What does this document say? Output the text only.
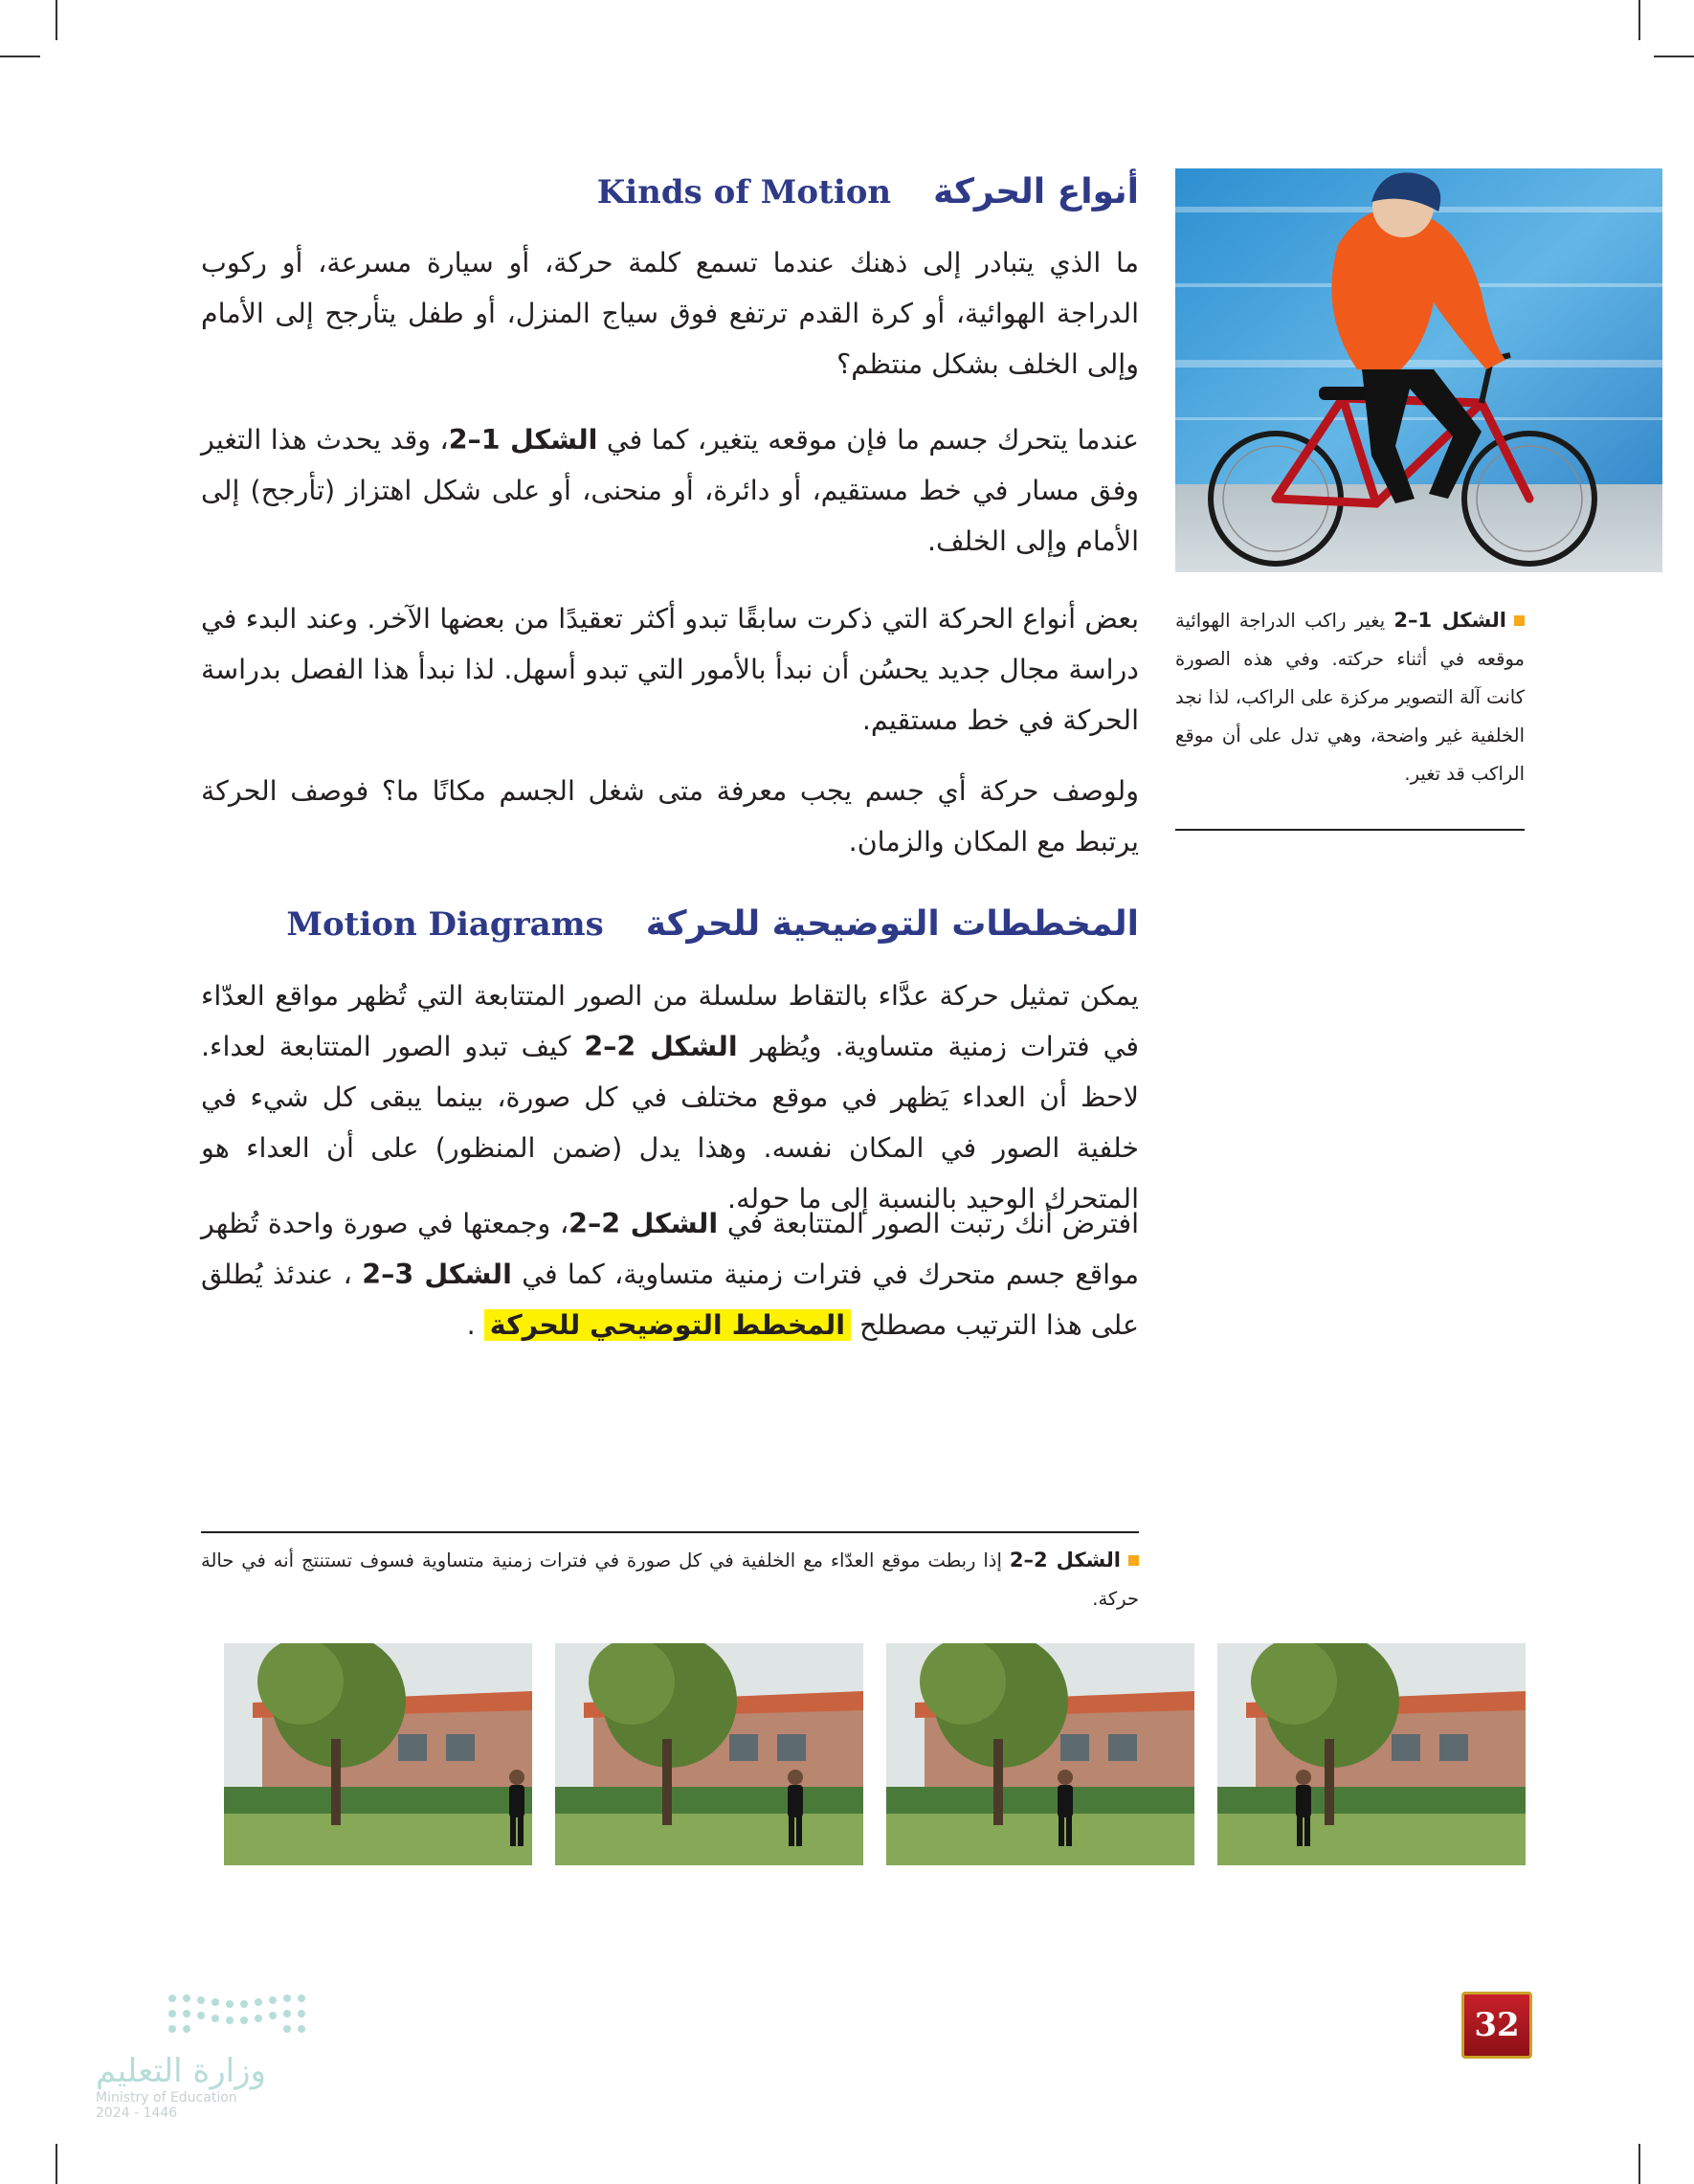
أنواع الحركةKinds of Motion

ما الذي يتبادر إلى ذهنك عندما تسمع كلمة حركة، أو سيارة مسرعة، أو ركوب الدراجة الهوائية، أو كرة القدم ترتفع فوق سياج المنزل، أو طفل يتأرجح إلى الأمام وإلى الخلف بشكل منتظم؟

عندما يتحرك جسم ما فإن موقعه يتغير، كما في الشكل 1–2، وقد يحدث هذا التغير وفق مسار في خط مستقيم، أو دائرة، أو منحنى، أو على شكل اهتزاز (تأرجح) إلى الأمام وإلى الخلف.

بعض أنواع الحركة التي ذكرت سابقًا تبدو أكثر تعقيدًا من بعضها الآخر. وعند البدء في دراسة مجال جديد يحسُن أن نبدأ بالأمور التي تبدو أسهل. لذا نبدأ هذا الفصل بدراسة الحركة في خط مستقيم.

ولوصف حركة أي جسم يجب معرفة متى شغل الجسم مكانًا ما؟ فوصف الحركة يرتبط مع المكان والزمان.

المخططات التوضيحية للحركةMotion Diagrams

يمكن تمثيل حركة عدَّاء بالتقاط سلسلة من الصور المتتابعة التي تُظهر مواقع العدّاء في فترات زمنية متساوية. ويُظهر الشكل 2–2 كيف تبدو الصور المتتابعة لعداء. لاحظ أن العداء يَظهر في موقع مختلف في كل صورة، بينما يبقى كل شيء في خلفية الصور في المكان نفسه. وهذا يدل (ضمن المنظور) على أن العداء هو المتحرك الوحيد بالنسبة إلى ما حوله.

افترض أنك رتبت الصور المتتابعة في الشكل 2–2، وجمعتها في صورة واحدة تُظهر مواقع جسم متحرك في فترات زمنية متساوية، كما في الشكل 3–2 ، عندئذ يُطلق على هذا الترتيب مصطلح المخطط التوضيحي للحركة .

الشكل 1–2 يغير راكب الدراجة الهوائية موقعه في أثناء حركته. وفي هذه الصورة كانت آلة التصوير مركزة على الراكب، لذا نجد الخلفية غير واضحة، وهي تدل على أن موقع الراكب قد تغير.

الشكل 2–2 إذا ربطت موقع العدّاء مع الخلفية في كل صورة في فترات زمنية متساوية فسوف تستنتج أنه في حالة حركة.

32
وزارة التعليم
Ministry of Education
2024 - 1446
